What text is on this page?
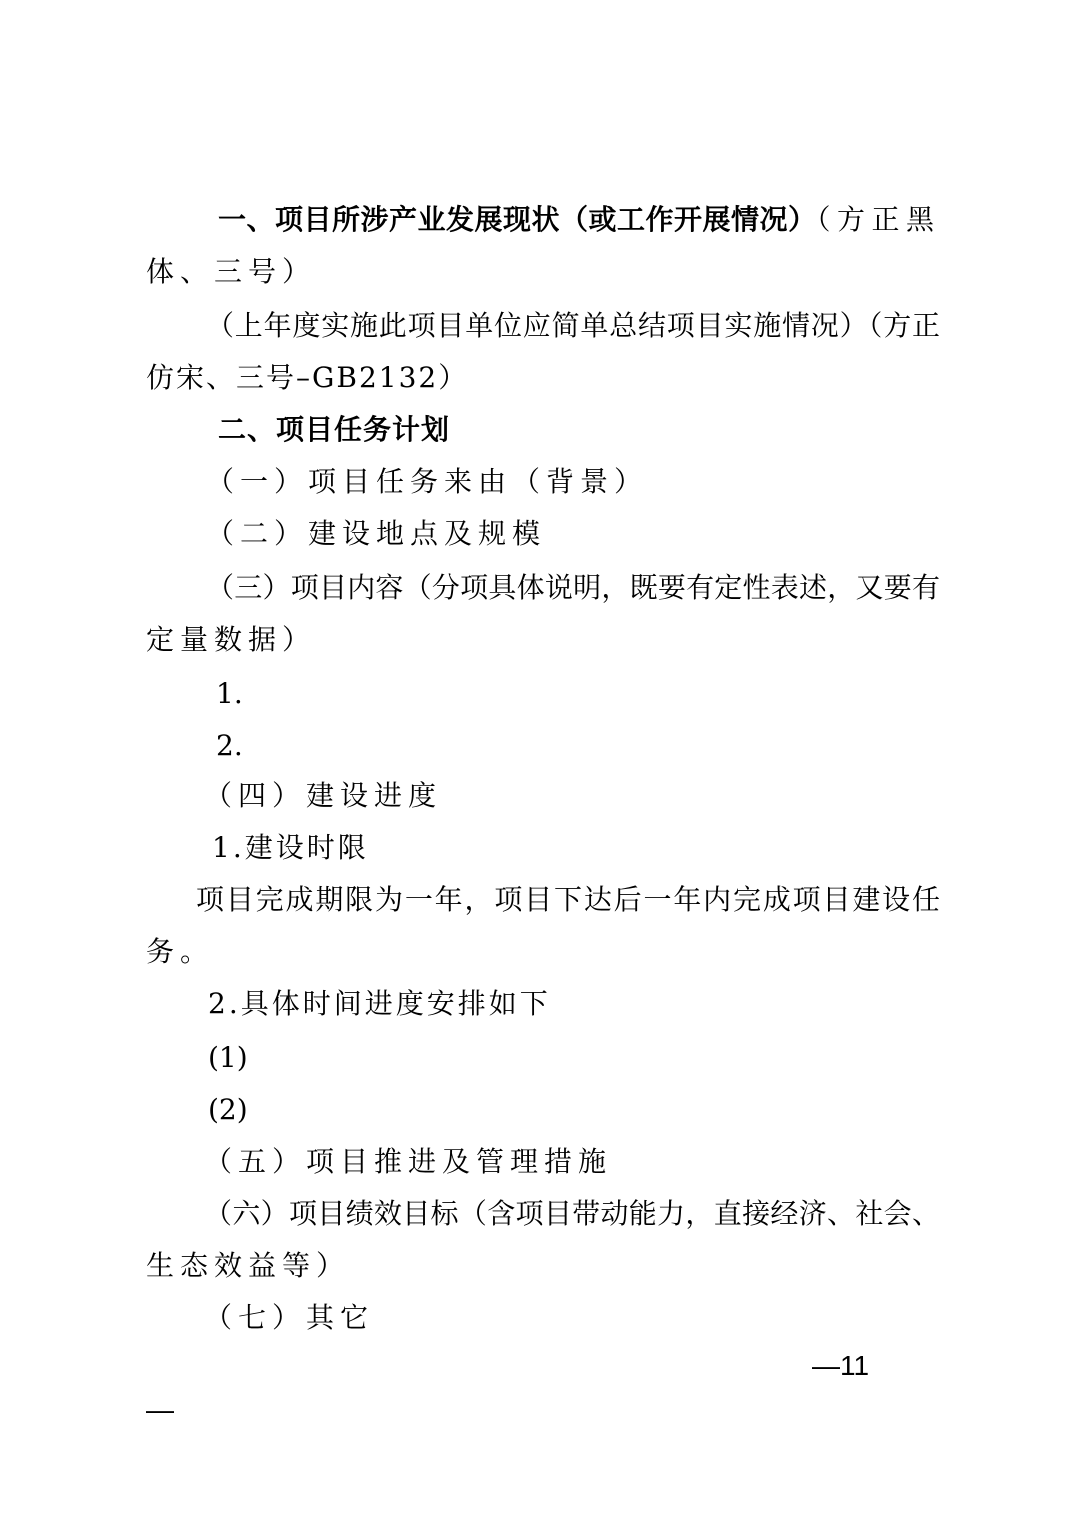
一、项目所涉产业发展现状（或工作开展情况）（方正黑
体、三号）
（上年度实施此项目单位应简单总结项目实施情况）（方正
仿宋、三号–GB2132）
二、项目任务计划
（一）项目任务来由（背景）
（二）建设地点及规模
（三）项目内容（分项具体说明，既要有定性表述，又要有
定量数据）
1.
2.
（四）建设进度
1.建设时限
项目完成期限为一年，项目下达后一年内完成项目建设任
务。
2.具体时间进度安排如下
(1)
(2)
（五）项目推进及管理措施
（六）项目绩效目标（含项目带动能力，直接经济、社会、
生态效益等）
（七）其它
—11
—
